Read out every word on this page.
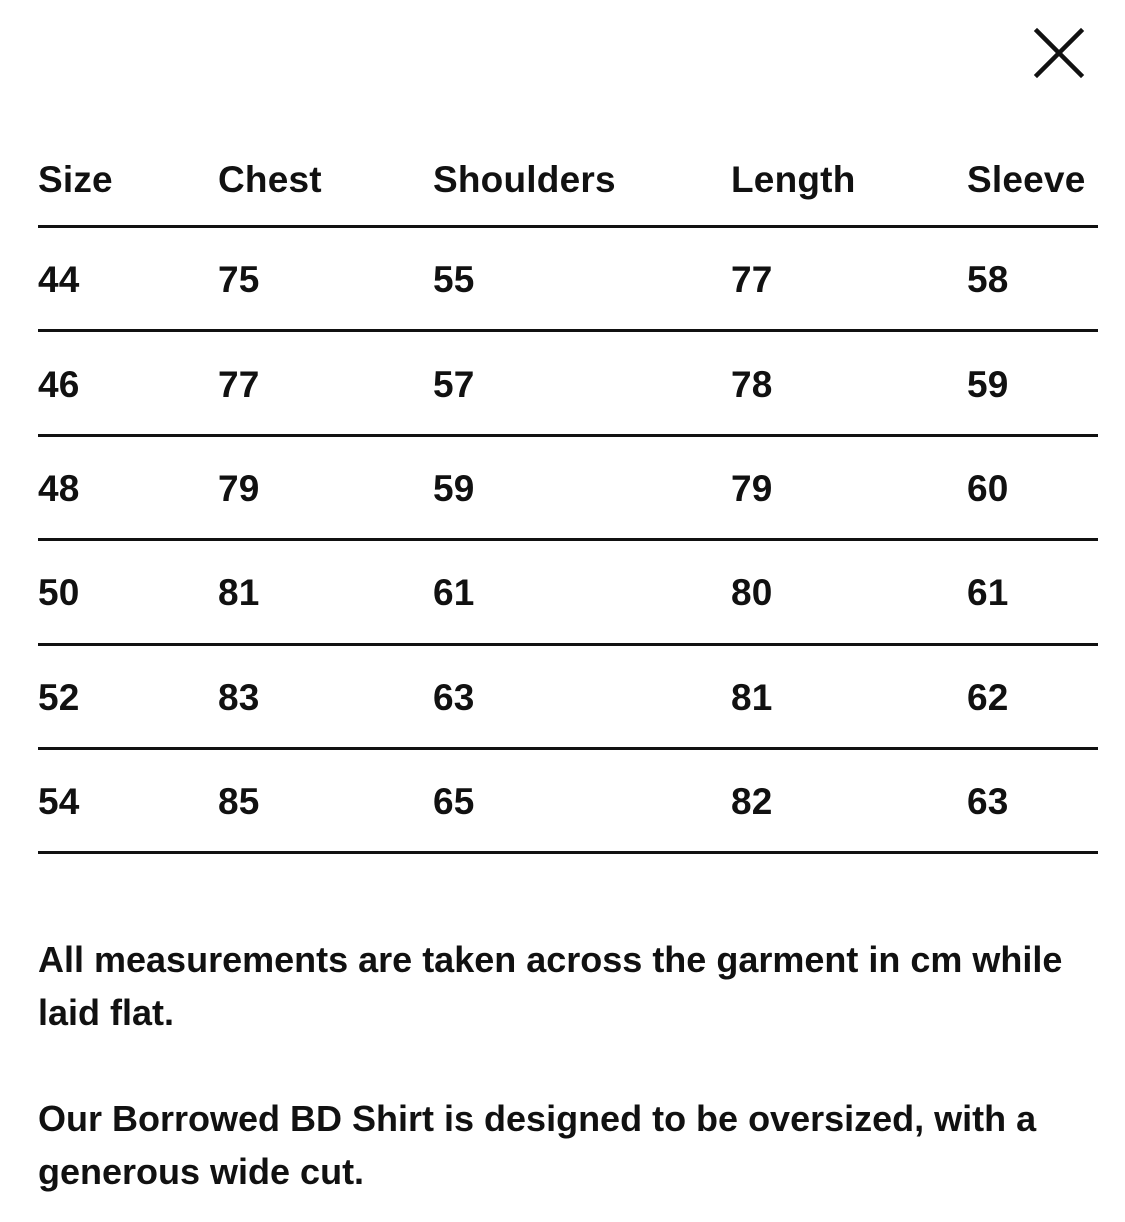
Size	Chest	Shoulders	Length	Sleeve
44	75	55	77	58
46	77	57	78	59
48	79	59	79	60
50	81	61	80	61
52	83	63	81	62
54	85	65	82	63

All measurements are taken across the garment in cm while laid flat.

Our Borrowed BD Shirt is designed to be oversized, with a generous wide cut.
